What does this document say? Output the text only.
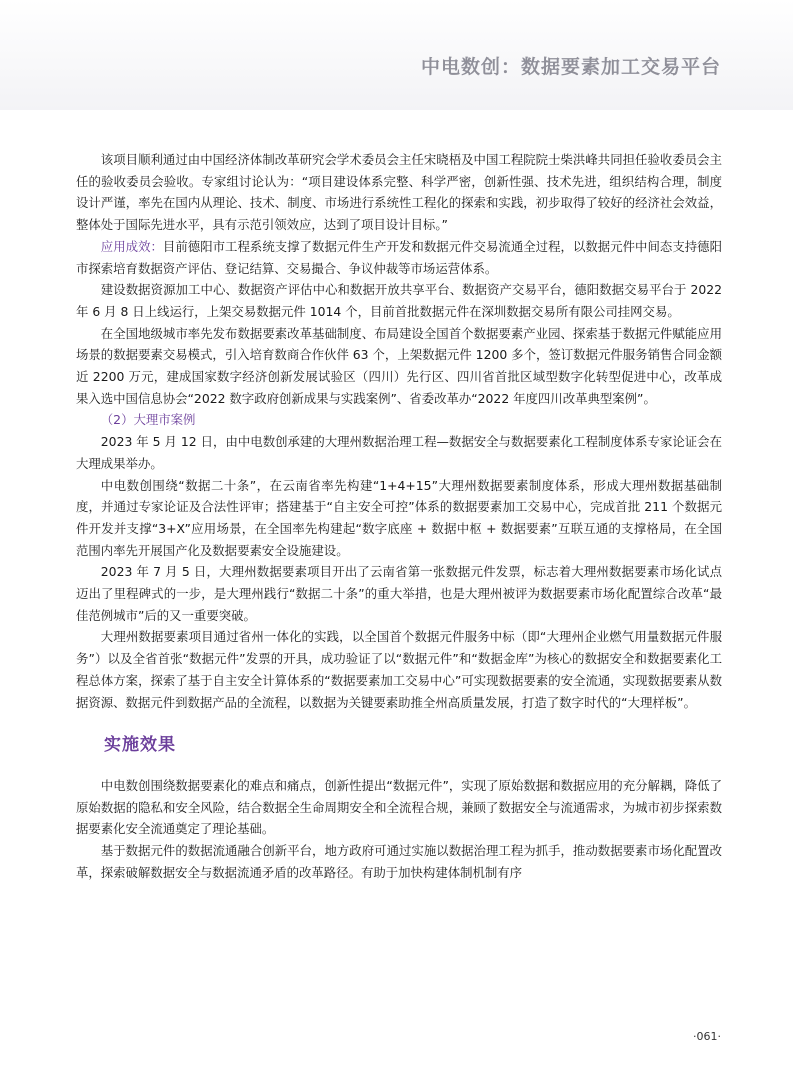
中电数创：数据要素加工交易平台

该项目顺利通过由中国经济体制改革研究会学术委员会主任宋晓梧及中国工程院院士柴洪峰共同担任验收委员会主任的验收委员会验收。专家组讨论认为：“项目建设体系完整、科学严密，创新性强、技术先进，组织结构合理，制度设计严谨，率先在国内从理论、技术、制度、市场进行系统性工程化的探索和实践，初步取得了较好的经济社会效益，整体处于国际先进水平，具有示范引领效应，达到了项目设计目标。”

应用成效：目前德阳市工程系统支撑了数据元件生产开发和数据元件交易流通全过程，以数据元件中间态支持德阳市探索培育数据资产评估、登记结算、交易撮合、争议仲裁等市场运营体系。

建设数据资源加工中心、数据资产评估中心和数据开放共享平台、数据资产交易平台，德阳数据交易平台于 2022 年 6 月 8 日上线运行，上架交易数据元件 1014 个，目前首批数据元件在深圳数据交易所有限公司挂网交易。

在全国地级城市率先发布数据要素改革基础制度、布局建设全国首个数据要素产业园、探索基于数据元件赋能应用场景的数据要素交易模式，引入培育数商合作伙伴 63 个，上架数据元件 1200 多个，签订数据元件服务销售合同金额近 2200 万元，建成国家数字经济创新发展试验区（四川）先行区、四川省首批区域型数字化转型促进中心，改革成果入选中国信息协会“2022 数字政府创新成果与实践案例”、省委改革办“2022 年度四川改革典型案例”。

（2）大理市案例

2023 年 5 月 12 日，由中电数创承建的大理州数据治理工程—数据安全与数据要素化工程制度体系专家论证会在大理成果举办。

中电数创围绕“数据二十条”，在云南省率先构建“1+4+15”大理州数据要素制度体系，形成大理州数据基础制度，并通过专家论证及合法性评审；搭建基于“自主安全可控”体系的数据要素加工交易中心，完成首批 211 个数据元件开发并支撑“3+X”应用场景，在全国率先构建起“数字底座 + 数据中枢 + 数据要素”互联互通的支撑格局，在全国范围内率先开展国产化及数据要素安全设施建设。

2023 年 7 月 5 日，大理州数据要素项目开出了云南省第一张数据元件发票，标志着大理州数据要素市场化试点迈出了里程碑式的一步，是大理州践行“数据二十条”的重大举措，也是大理州被评为数据要素市场化配置综合改革“最佳范例城市”后的又一重要突破。

大理州数据要素项目通过省州一体化的实践，以全国首个数据元件服务中标（即“大理州企业燃气用量数据元件服务”）以及全省首张“数据元件”发票的开具，成功验证了以“数据元件”和“数据金库”为核心的数据安全和数据要素化工程总体方案，探索了基于自主安全计算体系的“数据要素加工交易中心”可实现数据要素的安全流通，实现数据要素从数据资源、数据元件到数据产品的全流程，以数据为关键要素助推全州高质量发展，打造了数字时代的“大理样板”。

实施效果

中电数创围绕数据要素化的难点和痛点，创新性提出“数据元件”，实现了原始数据和数据应用的充分解耦，降低了原始数据的隐私和安全风险，结合数据全生命周期安全和全流程合规，兼顾了数据安全与流通需求，为城市初步探索数据要素化安全流通奠定了理论基础。

基于数据元件的数据流通融合创新平台，地方政府可通过实施以数据治理工程为抓手，推动数据要素市场化配置改革，探索破解数据安全与数据流通矛盾的改革路径。有助于加快构建体制机制有序

·061·
